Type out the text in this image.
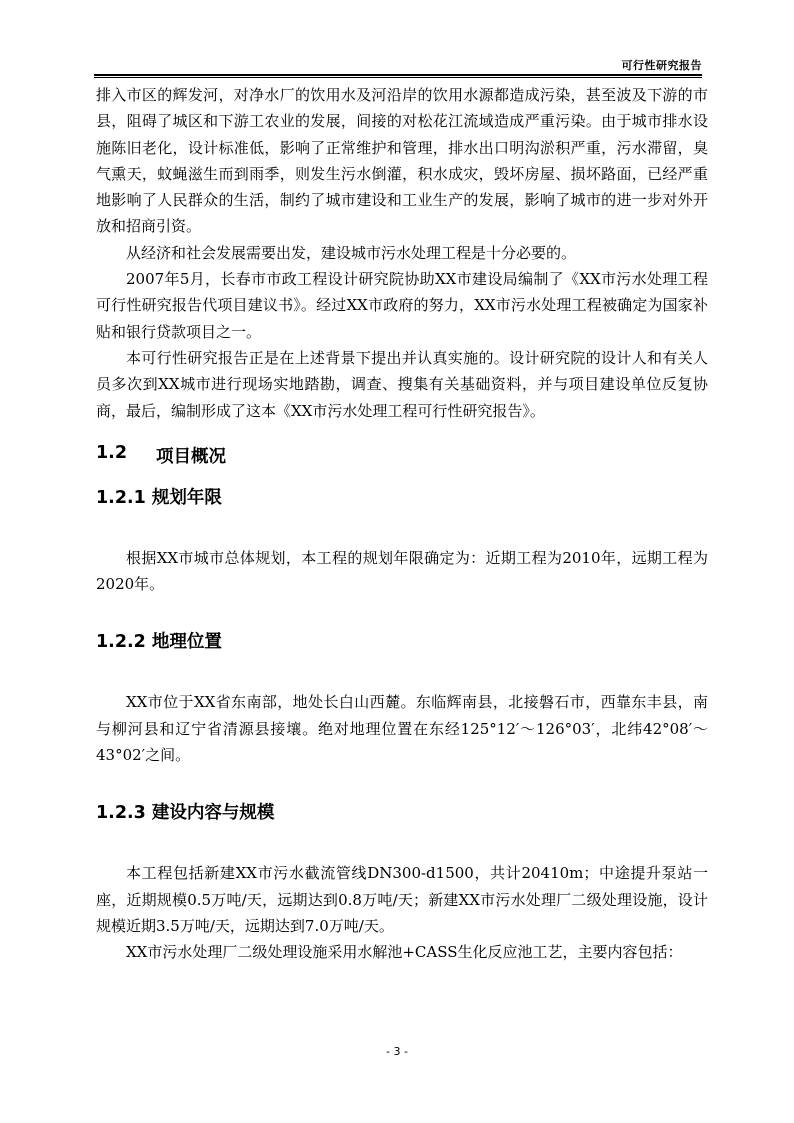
可行性研究报告

排入市区的辉发河，对净水厂的饮用水及河沿岸的饮用水源都造成污染，甚至波及下游的市县，阻碍了城区和下游工农业的发展，间接的对松花江流域造成严重污染。由于城市排水设施陈旧老化，设计标准低，影响了正常维护和管理，排水出口明沟淤积严重，污水滞留，臭气熏天，蚊蝇滋生而到雨季，则发生污水倒灌，积水成灾，毁坏房屋、损坏路面，已经严重地影响了人民群众的生活，制约了城市建设和工业生产的发展，影响了城市的进一步对外开放和招商引资。

从经济和社会发展需要出发，建设城市污水处理工程是十分必要的。

2007年5月，长春市市政工程设计研究院协助XX市建设局编制了《XX市污水处理工程可行性研究报告代项目建议书》。经过XX市政府的努力，XX市污水处理工程被确定为国家补贴和银行贷款项目之一。

本可行性研究报告正是在上述背景下提出并认真实施的。设计研究院的设计人和有关人员多次到XX城市进行现场实地踏勘，调查、搜集有关基础资料，并与项目建设单位反复协商，最后，编制形成了这本《XX市污水处理工程可行性研究报告》。

1.2	项目概况
1.2.1 规划年限

根据XX市城市总体规划，本工程的规划年限确定为：近期工程为2010年，远期工程为2020年。

1.2.2 地理位置

XX市位于XX省东南部，地处长白山西麓。东临辉南县，北接磐石市，西靠东丰县，南与柳河县和辽宁省清源县接壤。绝对地理位置在东经125°12′～126°03′，北纬42°08′～43°02′之间。

1.2.3 建设内容与规模

本工程包括新建XX市污水截流管线DN300-d1500，共计20410m；中途提升泵站一座，近期规模0.5万吨/天，远期达到0.8万吨/天；新建XX市污水处理厂二级处理设施，设计规模近期3.5万吨/天，远期达到7.0万吨/天。

XX市污水处理厂二级处理设施采用水解池+CASS生化反应池工艺，主要内容包括：

- 3 -
